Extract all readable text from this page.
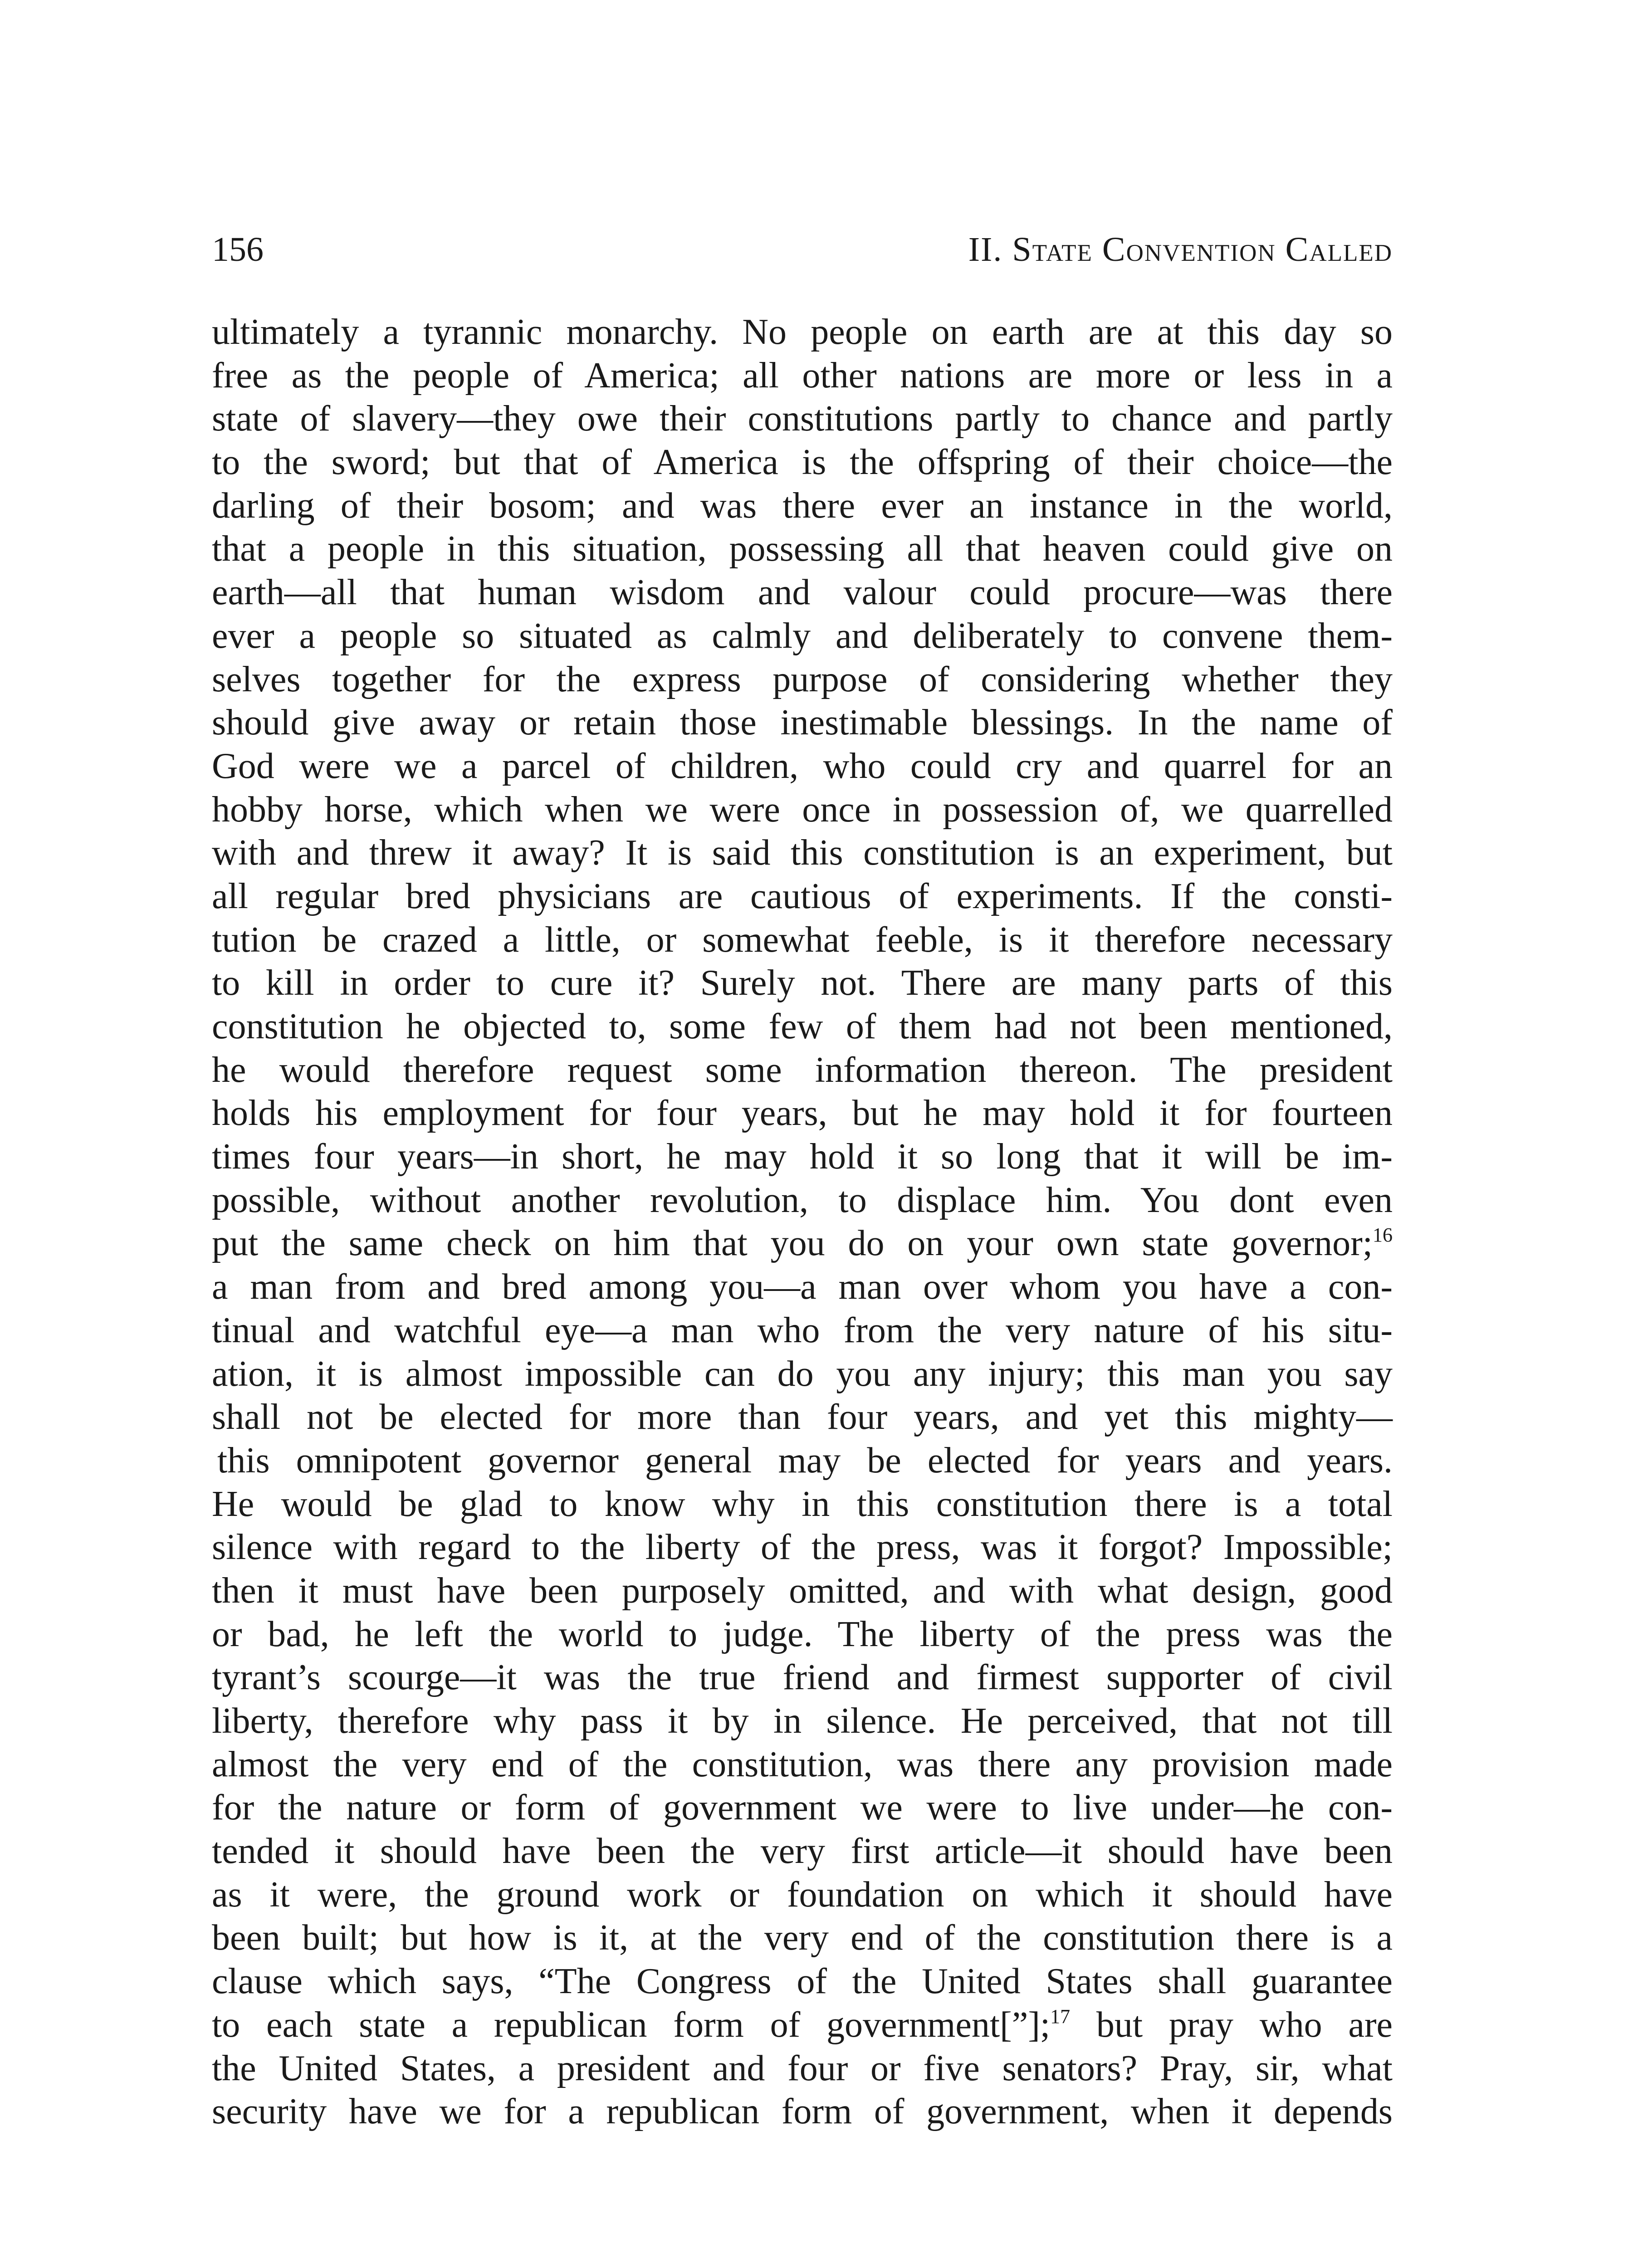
156	II. State Convention Called
ultimately a tyrannic monarchy. No people on earth are at this day so
free as the people of America; all other nations are more or less in a
state of slavery—they owe their constitutions partly to chance and partly
to the sword; but that of America is the offspring of their choice—the
darling of their bosom; and was there ever an instance in the world,
that a people in this situation, possessing all that heaven could give on
earth—all that human wisdom and valour could procure—was there
ever a people so situated as calmly and deliberately to convene them-
selves together for the express purpose of considering whether they
should give away or retain those inestimable blessings. In the name of
God were we a parcel of children, who could cry and quarrel for an
hobby horse, which when we were once in possession of, we quarrelled
with and threw it away? It is said this constitution is an experiment, but
all regular bred physicians are cautious of experiments. If the consti-
tution be crazed a little, or somewhat feeble, is it therefore necessary
to kill in order to cure it? Surely not. There are many parts of this
constitution he objected to, some few of them had not been mentioned,
he would therefore request some information thereon. The president
holds his employment for four years, but he may hold it for fourteen
times four years—in short, he may hold it so long that it will be im-
possible, without another revolution, to displace him. You dont even
put the same check on him that you do on your own state governor;$^{16}$
a man from and bred among you—a man over whom you have a con-
tinual and watchful eye—a man who from the very nature of his situ-
ation, it is almost impossible can do you any injury; this man you say
shall not be elected for more than four years, and yet this mighty—
this omnipotent governor general may be elected for years and years.
He would be glad to know why in this constitution there is a total
silence with regard to the liberty of the press, was it forgot? Impossible;
then it must have been purposely omitted, and with what design, good
or bad, he left the world to judge. The liberty of the press was the
tyrant’s scourge—it was the true friend and firmest supporter of civil
liberty, therefore why pass it by in silence. He perceived, that not till
almost the very end of the constitution, was there any provision made
for the nature or form of government we were to live under—he con-
tended it should have been the very first article—it should have been
as it were, the ground work or foundation on which it should have
been built; but how is it, at the very end of the constitution there is a
clause which says, “The Congress of the United States shall guarantee
to each state a republican form of government[”];$^{17}$ but pray who are
the United States, a president and four or five senators? Pray, sir, what
security have we for a republican form of government, when it depends
